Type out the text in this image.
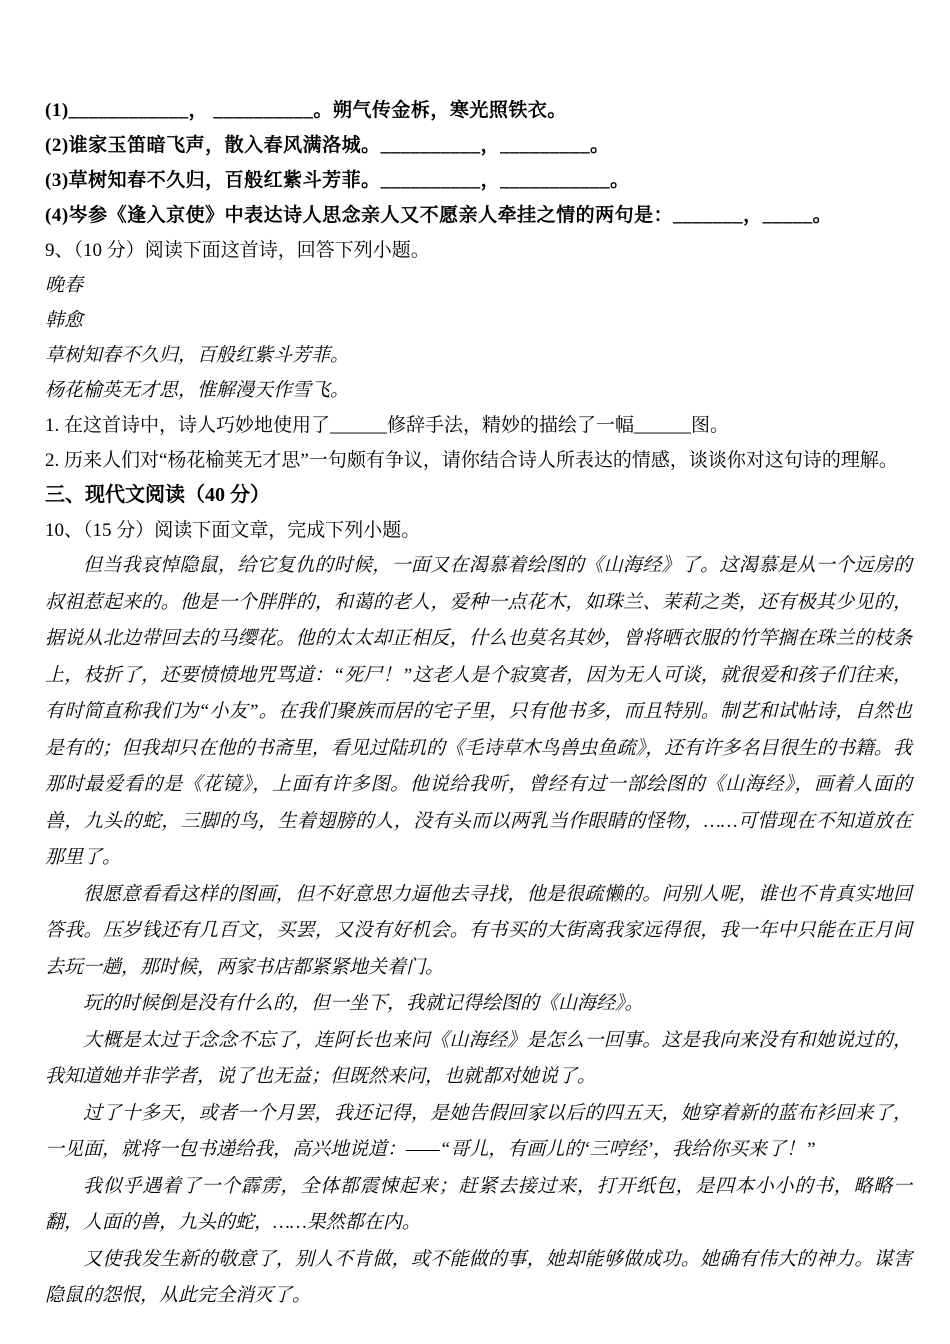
(1)____________， __________。朔气传金柝，寒光照铁衣。

(2)谁家玉笛暗飞声，散入春风满洛城。__________，_________。

(3)草树知春不久归，百般红紫斗芳菲。__________，___________。

(4)岑参《逢入京使》中表达诗人思念亲人又不愿亲人牵挂之情的两句是：_______，_____。

9、（10 分）阅读下面这首诗，回答下列小题。

晚春

韩愈

草树知春不久归，百般红紫斗芳菲。

杨花榆英无才思，惟解漫天作雪飞。

1. 在这首诗中，诗人巧妙地使用了______修辞手法，精妙的描绘了一幅______图。

2. 历来人们对“杨花榆荚无才思”一句颇有争议，请你结合诗人所表达的情感，谈谈你对这句诗的理解。

三、现代文阅读（40 分）

10、（15 分）阅读下面文章，完成下列小题。

但当我哀悼隐鼠，给它复仇的时候，一面又在渴慕着绘图的《山海经》了。这渴慕是从一个远房的叔祖惹起来的。他是一个胖胖的，和蔼的老人，爱种一点花木，如珠兰、茉莉之类，还有极其少见的，据说从北边带回去的马缨花。他的太太却正相反，什么也莫名其妙，曾将晒衣服的竹竿搁在珠兰的枝条上，枝折了，还要愤愤地咒骂道：“死尸！”这老人是个寂寞者，因为无人可谈，就很爱和孩子们往来，有时简直称我们为“小友”。在我们聚族而居的宅子里，只有他书多，而且特别。制艺和试帖诗，自然也是有的；但我却只在他的书斋里，看见过陆玑的《毛诗草木鸟兽虫鱼疏》，还有许多名目很生的书籍。我那时最爱看的是《花镜》，上面有许多图。他说给我听，曾经有过一部绘图的《山海经》，画着人面的兽，九头的蛇，三脚的鸟，生着翅膀的人，没有头而以两乳当作眼睛的怪物，……可惜现在不知道放在那里了。

很愿意看看这样的图画，但不好意思力逼他去寻找，他是很疏懒的。问别人呢，谁也不肯真实地回答我。压岁钱还有几百文，买罢，又没有好机会。有书买的大街离我家远得很，我一年中只能在正月间去玩一趟，那时候，两家书店都紧紧地关着门。

玩的时候倒是没有什么的，但一坐下，我就记得绘图的《山海经》。

大概是太过于念念不忘了，连阿长也来问《山海经》是怎么一回事。这是我向来没有和她说过的，我知道她并非学者，说了也无益；但既然来问，也就都对她说了。

过了十多天，或者一个月罢，我还记得，是她告假回家以后的四五天，她穿着新的蓝布衫回来了，一见面，就将一包书递给我，高兴地说道：——“哥儿，有画儿的‘三哼经’，我给你买来了！”

我似乎遇着了一个霹雳，全体都震悚起来；赶紧去接过来，打开纸包，是四本小小的书，略略一翻，人面的兽，九头的蛇，……果然都在内。

又使我发生新的敬意了，别人不肯做，或不能做的事，她却能够做成功。她确有伟大的神力。谋害隐鼠的怨恨，从此完全消灭了。
